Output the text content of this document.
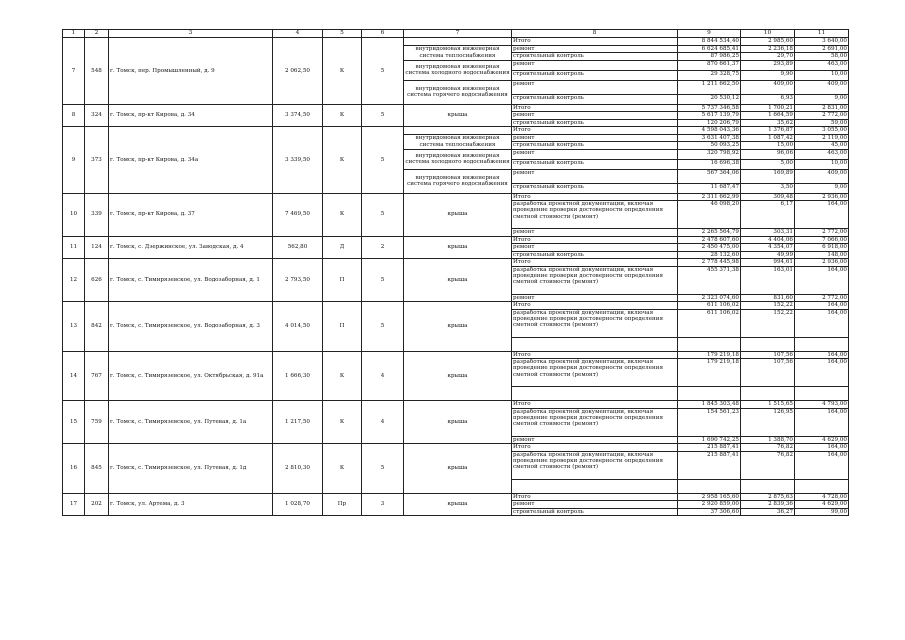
1	2	3	4	5	6	7	8	9	10	11
7	548	г. Томск, пер. Промышленный, д. 9	2 062,50	К	5		Итого	8 844 534,40	2 985,60	3 640,00
						внутридомовая инженерная система теплоснабжения	ремонт	6 624 685,41	2 236,18	2 691,00
							строительный контроль	87 986,25	29,70	58,00
						внутридомовая инженерная система холодного водоснабжения	ремонт	870 661,37	293,89	463,00
							строительный контроль	29 328,75	9,90	10,00
						внутридомовая инженерная система горячего водоснабжения	ремонт	1 211 662,50	409,00	409,00
							строительный контроль	20 530,12	6,93	9,00
8	324	г. Томск, пр-кт Кирова, д. 34	3 374,50	К	5	крыша	Итого	5 737 346,58	1 700,21	2 831,00
							ремонт	5 617 139,79	1 664,59	2 772,00
							строительный контроль	120 206,79	35,62	59,00
9	373	г. Томск, пр-кт Кирова, д. 34а	3 339,50	К	5		Итого	4 598 043,36	1 376,87	3 055,00
						внутридомовая инженерная система теплоснабжения	ремонт	3 631 407,38	1 087,42	2 119,00
							строительный контроль	50 093,25	15,00	45,00
						внутридомовая инженерная система холодного водоснабжения	ремонт	320 798,92	96,06	463,00
							строительный контроль	16 696,38	5,00	10,00
						внутридомовая инженерная система горячего водоснабжения	ремонт	567 364,06	169,89	409,00
							строительный контроль	11 687,47	3,50	9,00
10	339	г. Томск, пр-кт Кирова, д. 37	7 469,50	К	5	крыша	Итого	2 311 662,99	309,48	2 936,00
							разработка проектной документации, включая проведение проверки достоверности определения сметной стоимости (ремонт)	46 098,20	6,17	164,00
							ремонт	2 265 564,79	303,31	2 772,00
11	124	г. Томск, с. Дзержинское, ул. Заводская, д. 4	562,80	Д	2	крыша	Итого	2 478 607,60	4 404,06	7 066,00
							ремонт	2 450 475,00	4 354,07	6 918,00
							строительный контроль	28 132,60	49,99	148,00
12	626	г. Томск, с. Тимирязевское, ул. Водозаборная, д. 1	2 793,50	П	5	крыша	Итого	2 778 445,98	994,61	2 936,00
							разработка проектной документации, включая проведение проверки достоверности определения сметной стоимости (ремонт)	455 371,38	163,01	164,00
							ремонт	2 323 074,60	831,60	2 772,00
13	842	г. Томск, с. Тимирязевское, ул. Водозаборная, д. 3	4 014,50	П	5	крыша	Итого	611 106,02	152,22	164,00
							разработка проектной документации, включая проведение проверки достоверности определения сметной стоимости (ремонт)	611 106,02	152,22	164,00

14	767	г. Томск, с. Тимирязевское, ул. Октябрьская, д. 91а	1 666,30	К	4	крыша	Итого	179 219,18	107,56	164,00
							разработка проектной документации, включая проведение проверки достоверности определения сметной стоимости (ремонт)	179 219,18	107,56	164,00

15	759	г. Томск, с. Тимирязевское, ул. Путевая, д. 1а	1 217,50	К	4	крыша	Итого	1 845 303,48	1 515,65	4 793,00
							разработка проектной документации, включая проведение проверки достоверности определения сметной стоимости (ремонт)	154 561,23	126,95	164,00
							ремонт	1 690 742,25	1 388,70	4 629,00
16	845	г. Томск, с. Тимирязевское, ул. Путевая, д. 1д	2 810,30	К	5	крыша	Итого	215 887,41	76,82	164,00
							разработка проектной документации, включая проведение проверки достоверности определения сметной стоимости (ремонт)	215 887,41	76,82	164,00

17	202	г. Томск, ул. Артема, д. 3	1 028,70	Пр	3	крыша	Итого	2 958 165,60	2 875,63	4 728,00
							ремонт	2 920 859,00	2 839,36	4 629,00
							строительный контроль	37 306,60	36,27	99,00
